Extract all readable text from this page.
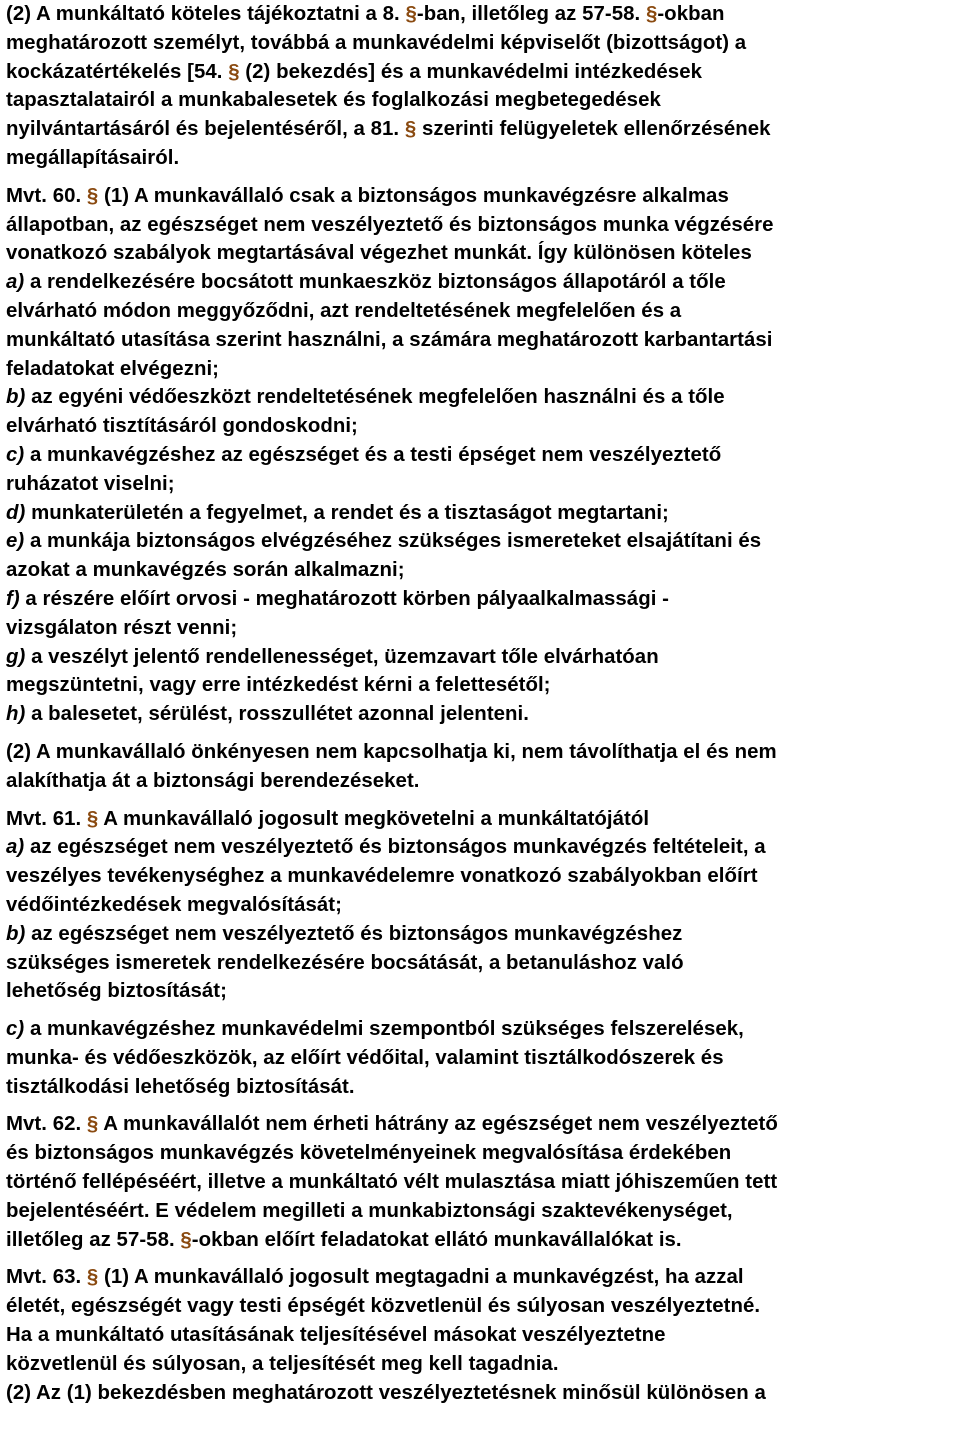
(2) A munkáltató köteles tájékoztatni a 8. §-ban, illetőleg az 57-58. §-okban
meghatározott személyt, továbbá a munkavédelmi képviselőt (bizottságot) a
kockázatértékelés [54. § (2) bekezdés] és a munkavédelmi intézkedések
tapasztalatairól a munkabalesetek és foglalkozási megbetegedések
nyilvántartásáról és bejelentéséről, a 81. § szerinti felügyeletek ellenőrzésének
megállapításairól.
Mvt. 60. § (1) A munkavállaló csak a biztonságos munkavégzésre alkalmas
állapotban, az egészséget nem veszélyeztető és biztonságos munka végzésére
vonatkozó szabályok megtartásával végezhet munkát. Így különösen köteles
a) a rendelkezésére bocsátott munkaeszköz biztonságos állapotáról a tőle
elvárható módon meggyőződni, azt rendeltetésének megfelelően és a
munkáltató utasítása szerint használni, a számára meghatározott karbantartási
feladatokat elvégezni;
b) az egyéni védőeszközt rendeltetésének megfelelően használni és a tőle
elvárható tisztításáról gondoskodni;
c) a munkavégzéshez az egészséget és a testi épséget nem veszélyeztető
ruházatot viselni;
d) munkaterületén a fegyelmet, a rendet és a tisztaságot megtartani;
e) a munkája biztonságos elvégzéséhez szükséges ismereteket elsajátítani és
azokat a munkavégzés során alkalmazni;
f) a részére előírt orvosi - meghatározott körben pályaalkalmassági -
vizsgálaton részt venni;
g) a veszélyt jelentő rendellenességet, üzemzavart tőle elvárhatóan
megszüntetni, vagy erre intézkedést kérni a felettesétől;
h) a balesetet, sérülést, rosszullétet azonnal jelenteni.
(2) A munkavállaló önkényesen nem kapcsolhatja ki, nem távolíthatja el és nem
alakíthatja át a biztonsági berendezéseket.
Mvt. 61. § A munkavállaló jogosult megkövetelni a munkáltatójától
a) az egészséget nem veszélyeztető és biztonságos munkavégzés feltételeit, a
veszélyes tevékenységhez a munkavédelemre vonatkozó szabályokban előírt
védőintézkedések megvalósítását;
b) az egészséget nem veszélyeztető és biztonságos munkavégzéshez
szükséges ismeretek rendelkezésére bocsátását, a betanuláshoz való
lehetőség biztosítását;
c) a munkavégzéshez munkavédelmi szempontból szükséges felszerelések,
munka- és védőeszközök, az előírt védőital, valamint tisztálkodószerek és
tisztálkodási lehetőség biztosítását.
Mvt. 62. § A munkavállalót nem érheti hátrány az egészséget nem veszélyeztető
és biztonságos munkavégzés követelményeinek megvalósítása érdekében
történő fellépéséért, illetve a munkáltató vélt mulasztása miatt jóhiszeműen tett
bejelentéséért. E védelem megilleti a munkabiztonsági szaktevékenységet,
illetőleg az 57-58. §-okban előírt feladatokat ellátó munkavállalókat is.
Mvt. 63. § (1) A munkavállaló jogosult megtagadni a munkavégzést, ha azzal
életét, egészségét vagy testi épségét közvetlenül és súlyosan veszélyeztetné.
Ha a munkáltató utasításának teljesítésével másokat veszélyeztetne
közvetlenül és súlyosan, a teljesítését meg kell tagadnia.
(2) Az (1) bekezdésben meghatározott veszélyeztetésnek minősül különösen a
